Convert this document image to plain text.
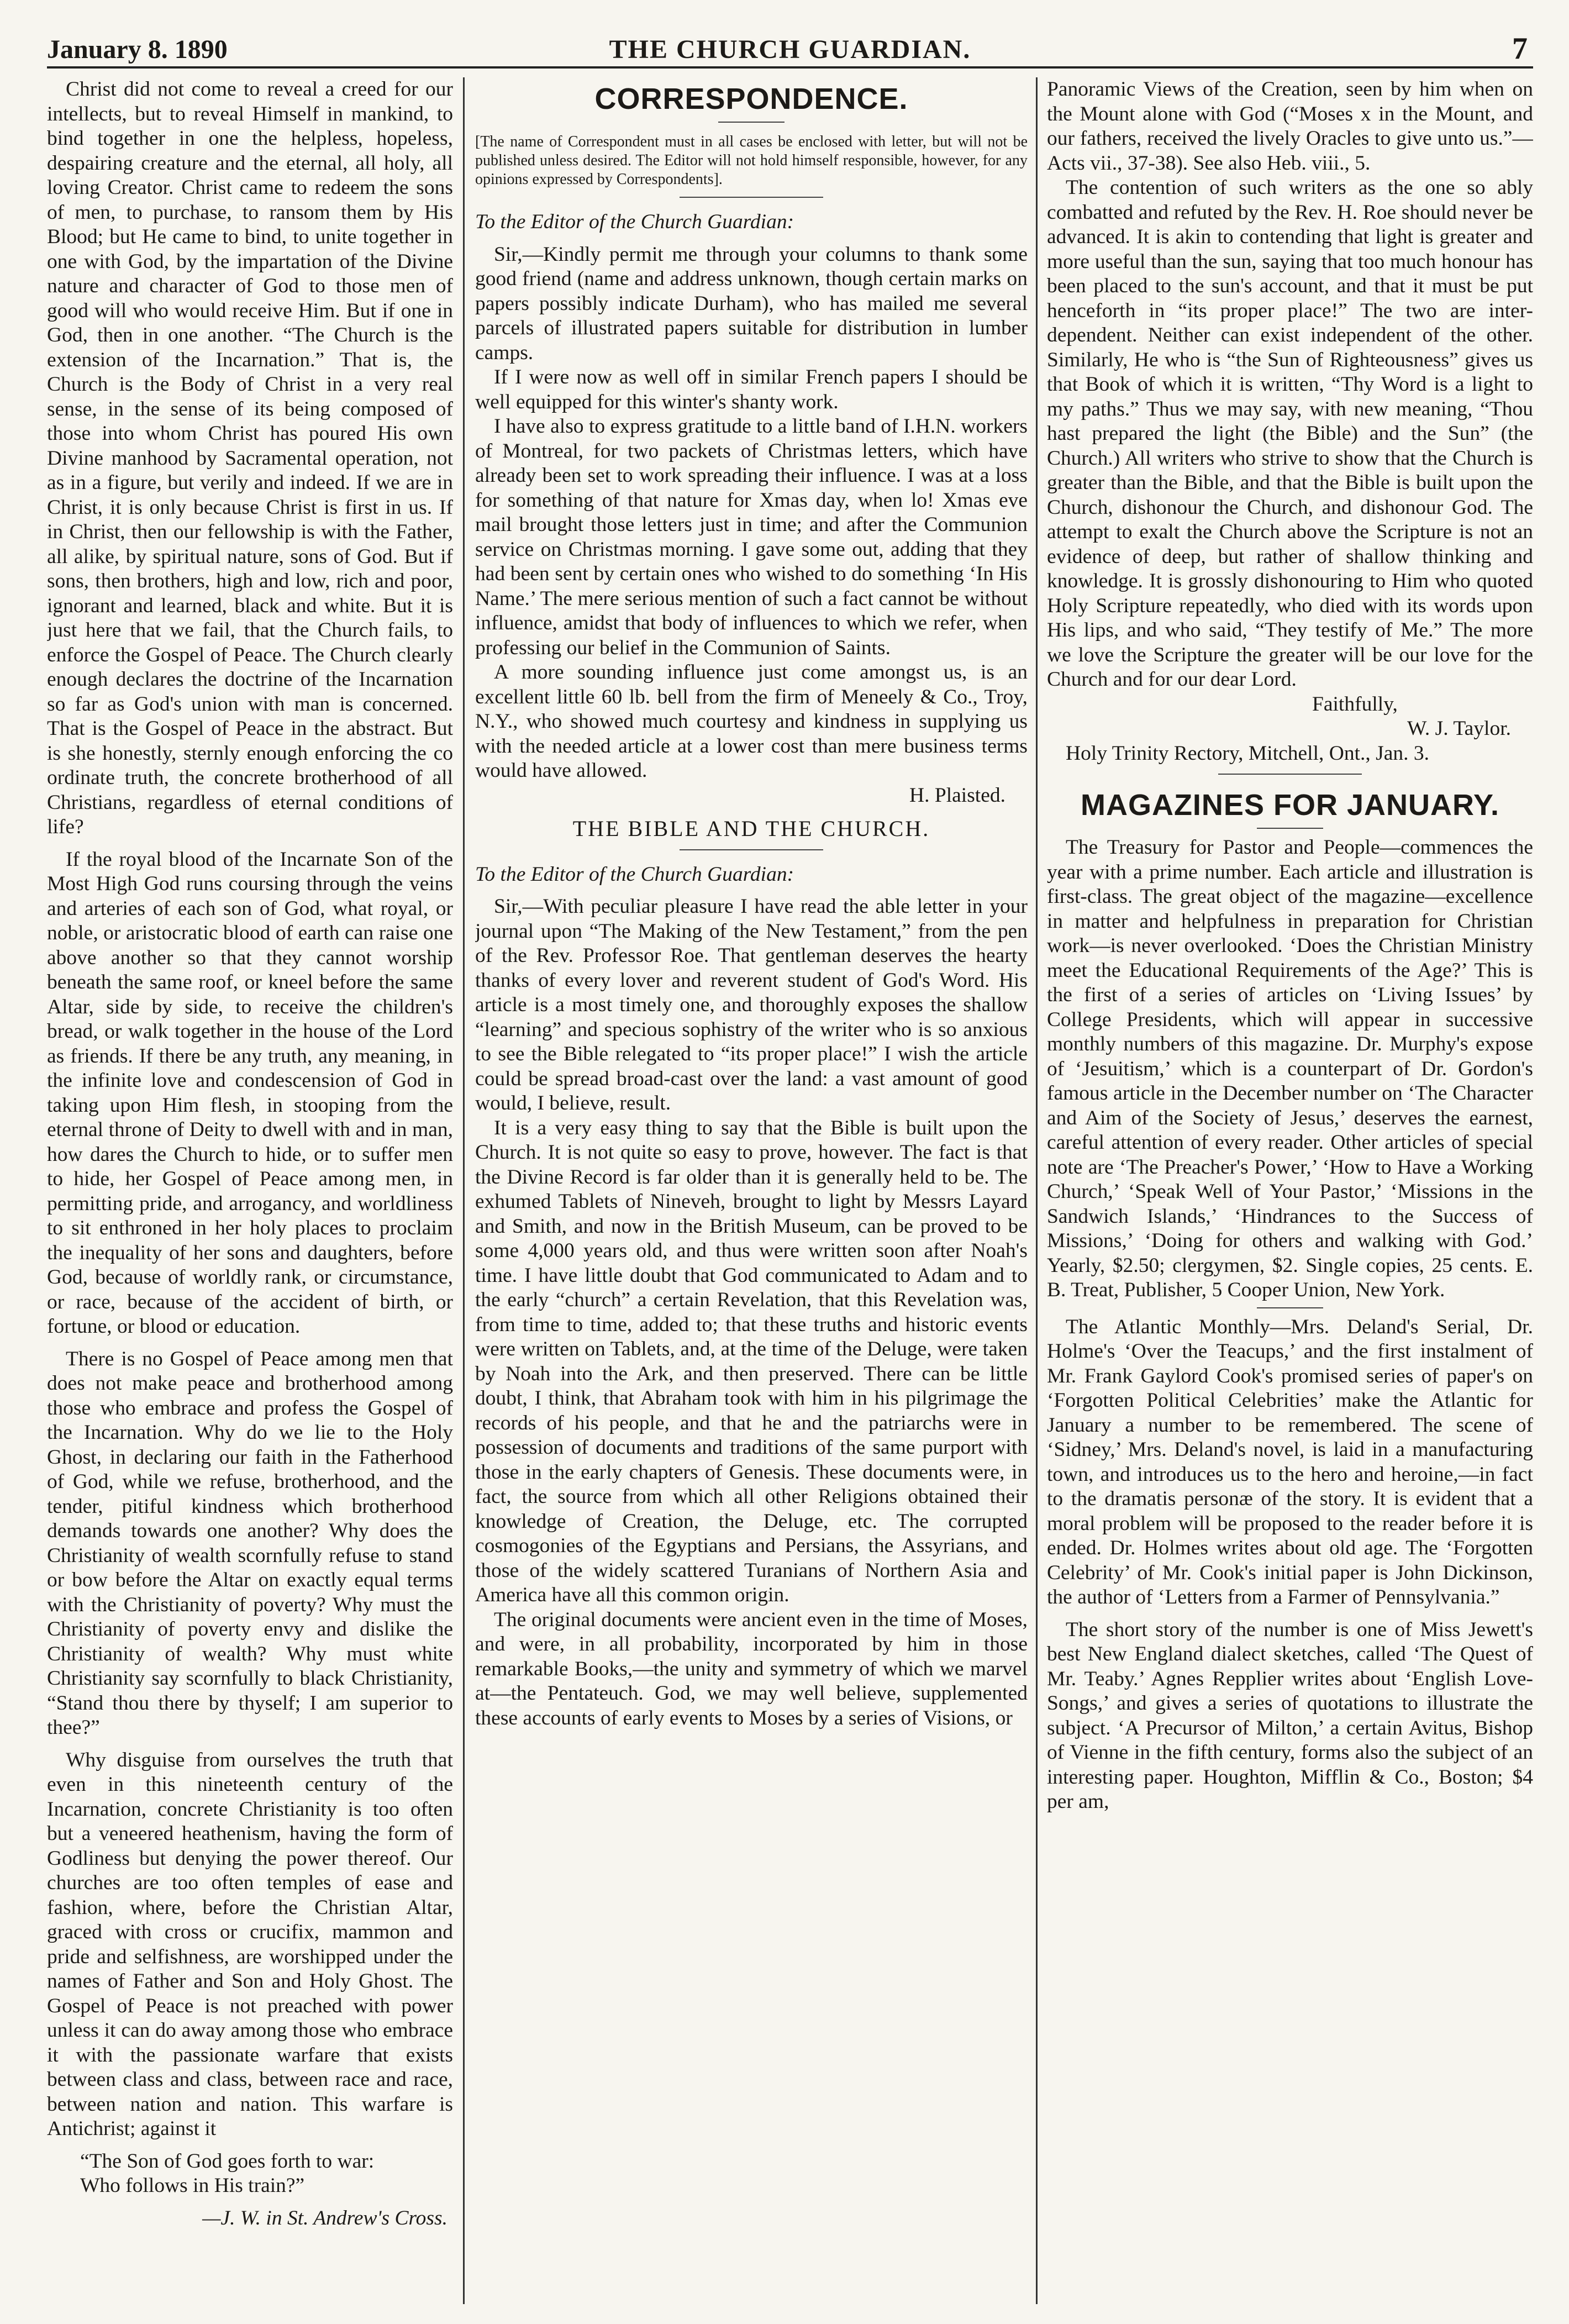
January 8. 1890	THE CHURCH GUARDIAN.	7

Christ did not come to reveal a creed for our intellects, but to reveal Himself in mankind, to bind together in one the helpless, hopeless, despairing creature and the eternal, all holy, all loving Creator. Christ came to redeem the sons of men, to purchase, to ransom them by His Blood; but He came to bind, to unite together in one with God, by the impartation of the Divine nature and character of God to those men of good will who would receive Him. But if one in God, then in one another. “The Church is the extension of the Incarnation.” That is, the Church is the Body of Christ in a very real sense, in the sense of its being composed of those into whom Christ has poured His own Divine manhood by Sacramental operation, not as in a figure, but verily and indeed. If we are in Christ, it is only because Christ is first in us. If in Christ, then our fellowship is with the Father, all alike, by spiritual nature, sons of God. But if sons, then brothers, high and low, rich and poor, ignorant and learned, black and white. But it is just here that we fail, that the Church fails, to enforce the Gospel of Peace. The Church clearly enough declares the doctrine of the Incarnation so far as God's union with man is concerned. That is the Gospel of Peace in the abstract. But is she honestly, sternly enough enforcing the co ordinate truth, the concrete brotherhood of all Christians, regardless of eternal conditions of life?

If the royal blood of the Incarnate Son of the Most High God runs coursing through the veins and arteries of each son of God, what royal, or noble, or aristocratic blood of earth can raise one above another so that they cannot worship beneath the same roof, or kneel before the same Altar, side by side, to receive the children's bread, or walk together in the house of the Lord as friends. If there be any truth, any meaning, in the infinite love and condescension of God in taking upon Him flesh, in stooping from the eternal throne of Deity to dwell with and in man, how dares the Church to hide, or to suffer men to hide, her Gospel of Peace among men, in permitting pride, and arrogancy, and worldliness to sit enthroned in her holy places to proclaim the inequality of her sons and daughters, before God, because of worldly rank, or circumstance, or race, because of the accident of birth, or fortune, or blood or education.

There is no Gospel of Peace among men that does not make peace and brotherhood among those who embrace and profess the Gospel of the Incarnation. Why do we lie to the Holy Ghost, in declaring our faith in the Fatherhood of God, while we refuse, brotherhood, and the tender, pitiful kindness which brotherhood demands towards one another? Why does the Christianity of wealth scornfully refuse to stand or bow before the Altar on exactly equal terms with the Christianity of poverty? Why must the Christianity of poverty envy and dislike the Christianity of wealth? Why must white Christianity say scornfully to black Christianity, “Stand thou there by thyself; I am superior to thee?”

Why disguise from ourselves the truth that even in this nineteenth century of the Incarnation, concrete Christianity is too often but a veneered heathenism, having the form of Godliness but denying the power thereof. Our churches are too often temples of ease and fashion, where, before the Christian Altar, graced with cross or crucifix, mammon and pride and selfishness, are worshipped under the names of Father and Son and Holy Ghost. The Gospel of Peace is not preached with power unless it can do away among those who embrace it with the passionate warfare that exists between class and class, between race and race, between nation and nation. This warfare is Antichrist; against it

“The Son of God goes forth to war:

Who follows in His train?”

—J. W. in St. Andrew's Cross.

CORRESPONDENCE.

[The name of Correspondent must in all cases be enclosed with letter, but will not be published unless desired. The Editor will not hold himself responsible, however, for any opinions expressed by Correspondents].

To the Editor of the Church Guardian:

Sir,—Kindly permit me through your columns to thank some good friend (name and address unknown, though certain marks on papers possibly indicate Durham), who has mailed me several parcels of illustrated papers suitable for distribution in lumber camps.

If I were now as well off in similar French papers I should be well equipped for this winter's shanty work.

I have also to express gratitude to a little band of I.H.N. workers of Montreal, for two packets of Christmas letters, which have already been set to work spreading their influence. I was at a loss for something of that nature for Xmas day, when lo! Xmas eve mail brought those letters just in time; and after the Communion service on Christmas morning. I gave some out, adding that they had been sent by certain ones who wished to do something ‘In His Name.’ The mere serious mention of such a fact cannot be without influence, amidst that body of influences to which we refer, when professing our belief in the Communion of Saints.

A more sounding influence just come amongst us, is an excellent little 60 lb. bell from the firm of Meneely & Co., Troy, N.Y., who showed much courtesy and kindness in supplying us with the needed article at a lower cost than mere business terms would have allowed.

H. Plaisted.

THE BIBLE AND THE CHURCH.

To the Editor of the Church Guardian:

Sir,—With peculiar pleasure I have read the able letter in your journal upon “The Making of the New Testament,” from the pen of the Rev. Professor Roe. That gentleman deserves the hearty thanks of every lover and reverent student of God's Word. His article is a most timely one, and thoroughly exposes the shallow “learning” and specious sophistry of the writer who is so anxious to see the Bible relegated to “its proper place!” I wish the article could be spread broad-cast over the land: a vast amount of good would, I believe, result.

It is a very easy thing to say that the Bible is built upon the Church. It is not quite so easy to prove, however. The fact is that the Divine Record is far older than it is generally held to be. The exhumed Tablets of Nineveh, brought to light by Messrs Layard and Smith, and now in the British Museum, can be proved to be some 4,000 years old, and thus were written soon after Noah's time. I have little doubt that God communicated to Adam and to the early “church” a certain Revelation, that this Revelation was, from time to time, added to; that these truths and historic events were written on Tablets, and, at the time of the Deluge, were taken by Noah into the Ark, and then preserved. There can be little doubt, I think, that Abraham took with him in his pilgrimage the records of his people, and that he and the patriarchs were in possession of documents and traditions of the same purport with those in the early chapters of Genesis. These documents were, in fact, the source from which all other Religions obtained their knowledge of Creation, the Deluge, etc. The corrupted cosmogonies of the Egyptians and Persians, the Assyrians, and those of the widely scattered Turanians of Northern Asia and America have all this common origin.

The original documents were ancient even in the time of Moses, and were, in all probability, incorporated by him in those remarkable Books,—the unity and symmetry of which we marvel at—the Pentateuch. God, we may well believe, supplemented these accounts of early events to Moses by a series of Visions, or

Panoramic Views of the Creation, seen by him when on the Mount alone with God (“Moses x in the Mount, and our fathers, received the lively Oracles to give unto us.”—Acts vii., 37-38). See also Heb. viii., 5.

The contention of such writers as the one so ably combatted and refuted by the Rev. H. Roe should never be advanced. It is akin to contending that light is greater and more useful than the sun, saying that too much honour has been placed to the sun's account, and that it must be put henceforth in “its proper place!” The two are inter-dependent. Neither can exist independent of the other. Similarly, He who is “the Sun of Righteousness” gives us that Book of which it is written, “Thy Word is a light to my paths.” Thus we may say, with new meaning, “Thou hast prepared the light (the Bible) and the Sun” (the Church.) All writers who strive to show that the Church is greater than the Bible, and that the Bible is built upon the Church, dishonour the Church, and dishonour God. The attempt to exalt the Church above the Scripture is not an evidence of deep, but rather of shallow thinking and knowledge. It is grossly dishonouring to Him who quoted Holy Scripture repeatedly, who died with its words upon His lips, and who said, “They testify of Me.” The more we love the Scripture the greater will be our love for the Church and for our dear Lord.

Faithfully,

W. J. Taylor.

Holy Trinity Rectory, Mitchell, Ont., Jan. 3.

MAGAZINES FOR JANUARY.

The Treasury for Pastor and People—commences the year with a prime number. Each article and illustration is first-class. The great object of the magazine—excellence in matter and helpfulness in preparation for Christian work—is never overlooked. ‘Does the Christian Ministry meet the Educational Requirements of the Age?’ This is the first of a series of articles on ‘Living Issues’ by College Presidents, which will appear in successive monthly numbers of this magazine. Dr. Murphy's expose of ‘Jesuitism,’ which is a counterpart of Dr. Gordon's famous article in the December number on ‘The Character and Aim of the Society of Jesus,’ deserves the earnest, careful attention of every reader. Other articles of special note are ‘The Preacher's Power,’ ‘How to Have a Working Church,’ ‘Speak Well of Your Pastor,’ ‘Missions in the Sandwich Islands,’ ‘Hindrances to the Success of Missions,’ ‘Doing for others and walking with God.’ Yearly, $2.50; clergymen, $2. Single copies, 25 cents. E. B. Treat, Publisher, 5 Cooper Union, New York.

The Atlantic Monthly—Mrs. Deland's Serial, Dr. Holme's ‘Over the Teacups,’ and the first instalment of Mr. Frank Gaylord Cook's promised series of paper's on ‘Forgotten Political Celebrities’ make the Atlantic for January a number to be remembered. The scene of ‘Sidney,’ Mrs. Deland's novel, is laid in a manufacturing town, and introduces us to the hero and heroine,—in fact to the dramatis personæ of the story. It is evident that a moral problem will be proposed to the reader before it is ended. Dr. Holmes writes about old age. The ‘Forgotten Celebrity’ of Mr. Cook's initial paper is John Dickinson, the author of ‘Letters from a Farmer of Pennsylvania.”

The short story of the number is one of Miss Jewett's best New England dialect sketches, called ‘The Quest of Mr. Teaby.’ Agnes Repplier writes about ‘English Love-Songs,’ and gives a series of quotations to illustrate the subject. ‘A Precursor of Milton,’ a certain Avitus, Bishop of Vienne in the fifth century, forms also the subject of an interesting paper. Houghton, Mifflin & Co., Boston; $4 per am,
